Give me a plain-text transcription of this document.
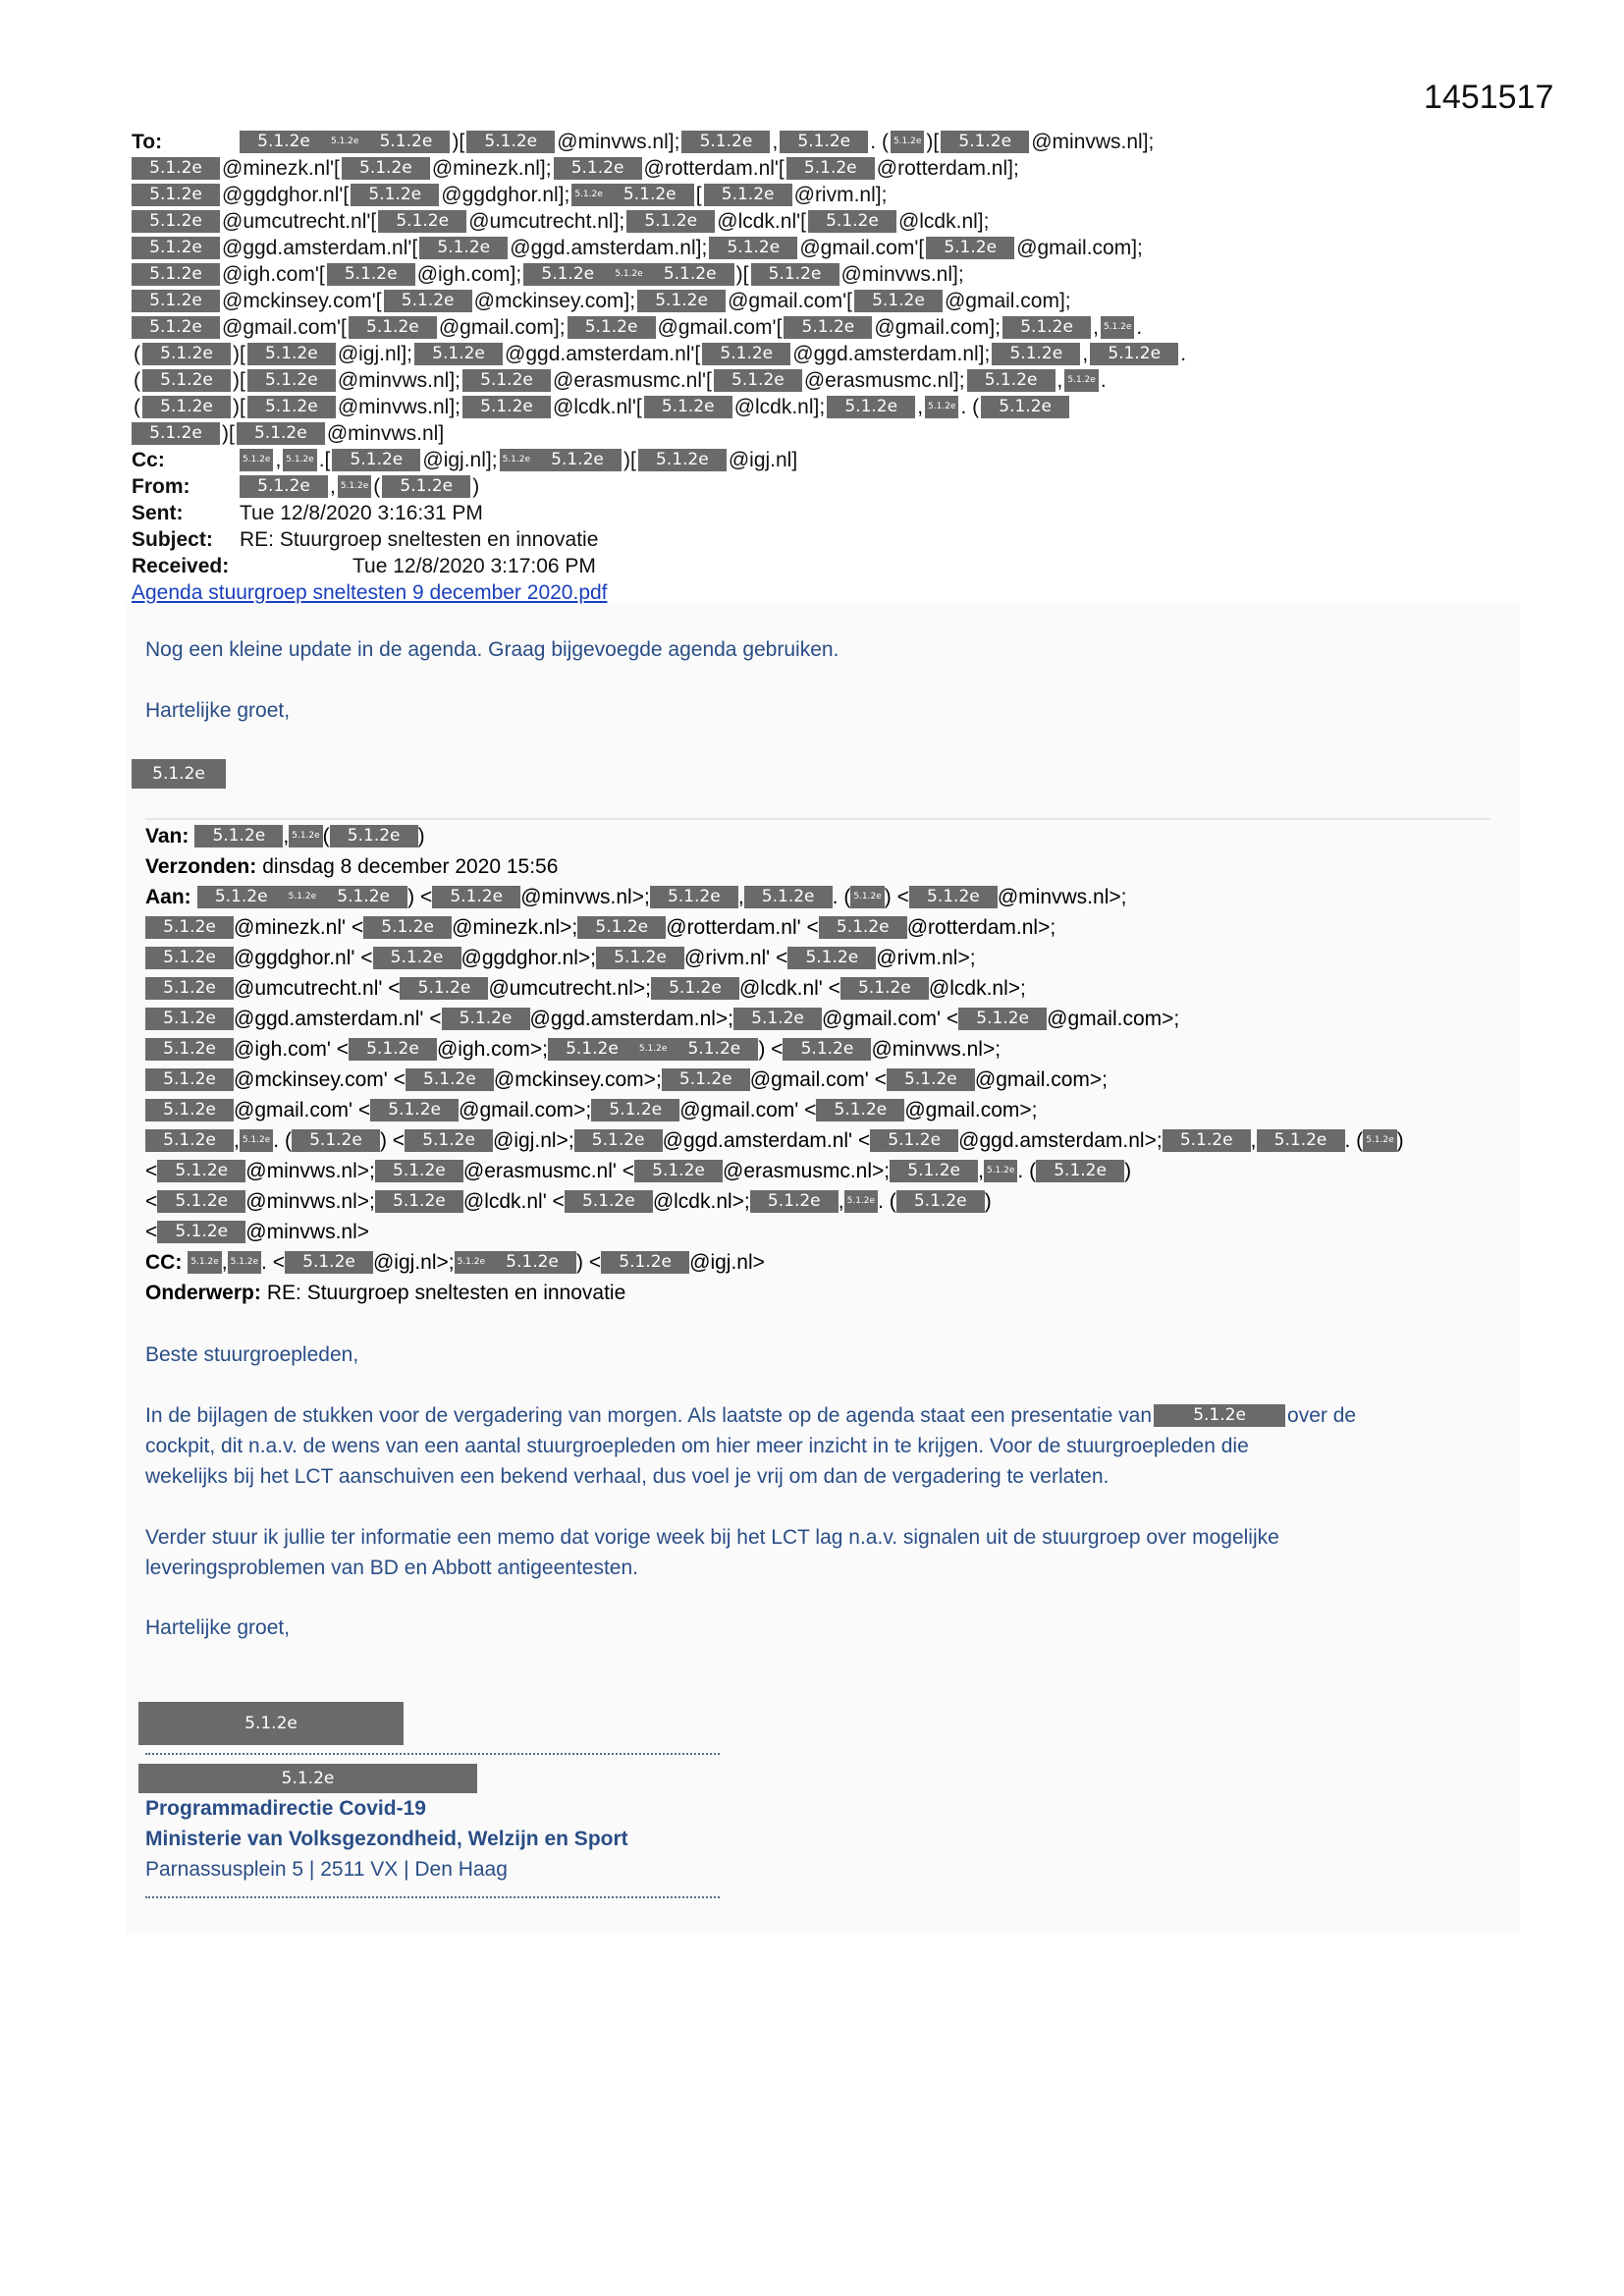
1451517
To:	5.1.2e	5.1.2e	5.1.2e )[	5.1.2e @minvws.nl];	5.1.2e ,	5.1.2e . ( 5.1.2e )[	5.1.2e @minvws.nl];
5.1.2e @minezk.nl'[	5.1.2e @minezk.nl];	5.1.2e @rotterdam.nl'[	5.1.2e @rotterdam.nl];
5.1.2e @ggdghor.nl'[	5.1.2e @ggdghor.nl]; 5.1.2e	5.1.2e [	5.1.2e @rivm.nl];
5.1.2e @umcutrecht.nl'[	5.1.2e @umcutrecht.nl];	5.1.2e @lcdk.nl'[	5.1.2e @lcdk.nl];
5.1.2e @ggd.amsterdam.nl'[	5.1.2e @ggd.amsterdam.nl];	5.1.2e @gmail.com'[	5.1.2e @gmail.com];
5.1.2e @igh.com'[	5.1.2e @igh.com];	5.1.2e	5.1.2e	5.1.2e )[	5.1.2e @minvws.nl];
5.1.2e @mckinsey.com'[	5.1.2e @mckinsey.com];	5.1.2e @gmail.com'[	5.1.2e @gmail.com];
5.1.2e @gmail.com'[	5.1.2e @gmail.com];	5.1.2e @gmail.com'[	5.1.2e @gmail.com];	5.1.2e , 5.1.2e .
(	5.1.2e )[	5.1.2e @igj.nl];	5.1.2e @ggd.amsterdam.nl'[	5.1.2e @ggd.amsterdam.nl];	5.1.2e ,	5.1.2e .
(	5.1.2e )[	5.1.2e @minvws.nl];	5.1.2e @erasmusmc.nl'[	5.1.2e @erasmusmc.nl];	5.1.2e , 5.1.2e .
(	5.1.2e )[	5.1.2e @minvws.nl];	5.1.2e @lcdk.nl'[	5.1.2e @lcdk.nl];	5.1.2e , 5.1.2e . (	5.1.2e
5.1.2e )[	5.1.2e @minvws.nl]
Cc:	5.1.2e , 5.1.2e .[	5.1.2e @igj.nl]; 5.1.2e	5.1.2e )[	5.1.2e @igj.nl]
From:	5.1.2e , 5.1.2e (	5.1.2e )
Sent:	Tue 12/8/2020 3:16:31 PM
Subject:	RE: Stuurgroep sneltesten en innovatie
Received:	Tue 12/8/2020 3:17:06 PM
Agenda stuurgroep sneltesten 9 december 2020.pdf
Nog een kleine update in de agenda. Graag bijgevoegde agenda gebruiken.
Hartelijke groet,
5.1.2e
Van:	5.1.2e , 5.1.2e (	5.1.2e )
Verzonden: dinsdag 8 december 2020 15:56
Aan:	5.1.2e	5.1.2e	5.1.2e ) <	5.1.2e @minvws.nl>;	5.1.2e ,	5.1.2e . ( 5.1.2e ) <	5.1.2e @minvws.nl>;
5.1.2e @minezk.nl' <	5.1.2e @minezk.nl>;	5.1.2e @rotterdam.nl' <	5.1.2e @rotterdam.nl>;
5.1.2e @ggdghor.nl' <	5.1.2e @ggdghor.nl>;	5.1.2e @rivm.nl' <	5.1.2e @rivm.nl>;
5.1.2e @umcutrecht.nl' <	5.1.2e @umcutrecht.nl>;	5.1.2e @lcdk.nl' <	5.1.2e @lcdk.nl>;
5.1.2e @ggd.amsterdam.nl' <	5.1.2e @ggd.amsterdam.nl>;	5.1.2e @gmail.com' <	5.1.2e @gmail.com>;
5.1.2e @igh.com' <	5.1.2e @igh.com>;	5.1.2e	5.1.2e	5.1.2e ) <	5.1.2e @minvws.nl>;
5.1.2e @mckinsey.com' <	5.1.2e @mckinsey.com>;	5.1.2e @gmail.com' <	5.1.2e @gmail.com>;
5.1.2e @gmail.com' <	5.1.2e @gmail.com>;	5.1.2e @gmail.com' <	5.1.2e @gmail.com>;
5.1.2e , 5.1.2e . (	5.1.2e ) <	5.1.2e @igj.nl>;	5.1.2e @ggd.amsterdam.nl' <	5.1.2e @ggd.amsterdam.nl>;	5.1.2e ,	5.1.2e . ( 5.1.2e )
<	5.1.2e @minvws.nl>;	5.1.2e @erasmusmc.nl' <	5.1.2e @erasmusmc.nl>;	5.1.2e , 5.1.2e . (	5.1.2e )
<	5.1.2e @minvws.nl>;	5.1.2e @lcdk.nl' <	5.1.2e @lcdk.nl>;	5.1.2e , 5.1.2e . (	5.1.2e )
<	5.1.2e @minvws.nl>
CC:	5.1.2e , 5.1.2e . <	5.1.2e @igj.nl>; 5.1.2e	5.1.2e ) <	5.1.2e @igj.nl>
Onderwerp: RE: Stuurgroep sneltesten en innovatie
Beste stuurgroepleden,
In de bijlagen de stukken voor de vergadering van morgen. Als laatste op de agenda staat een presentatie van	5.1.2e	over de
cockpit, dit n.a.v. de wens van een aantal stuurgroepleden om hier meer inzicht in te krijgen. Voor de stuurgroepleden die
wekelijks bij het LCT aanschuiven een bekend verhaal, dus voel je vrij om dan de vergadering te verlaten.
Verder stuur ik jullie ter informatie een memo dat vorige week bij het LCT lag n.a.v. signalen uit de stuurgroep over mogelijke
leveringsproblemen van BD en Abbott antigeentesten.
Hartelijke groet,
5.1.2e
5.1.2e
Programmadirectie Covid-19
Ministerie van Volksgezondheid, Welzijn en Sport
Parnassusplein 5 | 2511 VX | Den Haag
